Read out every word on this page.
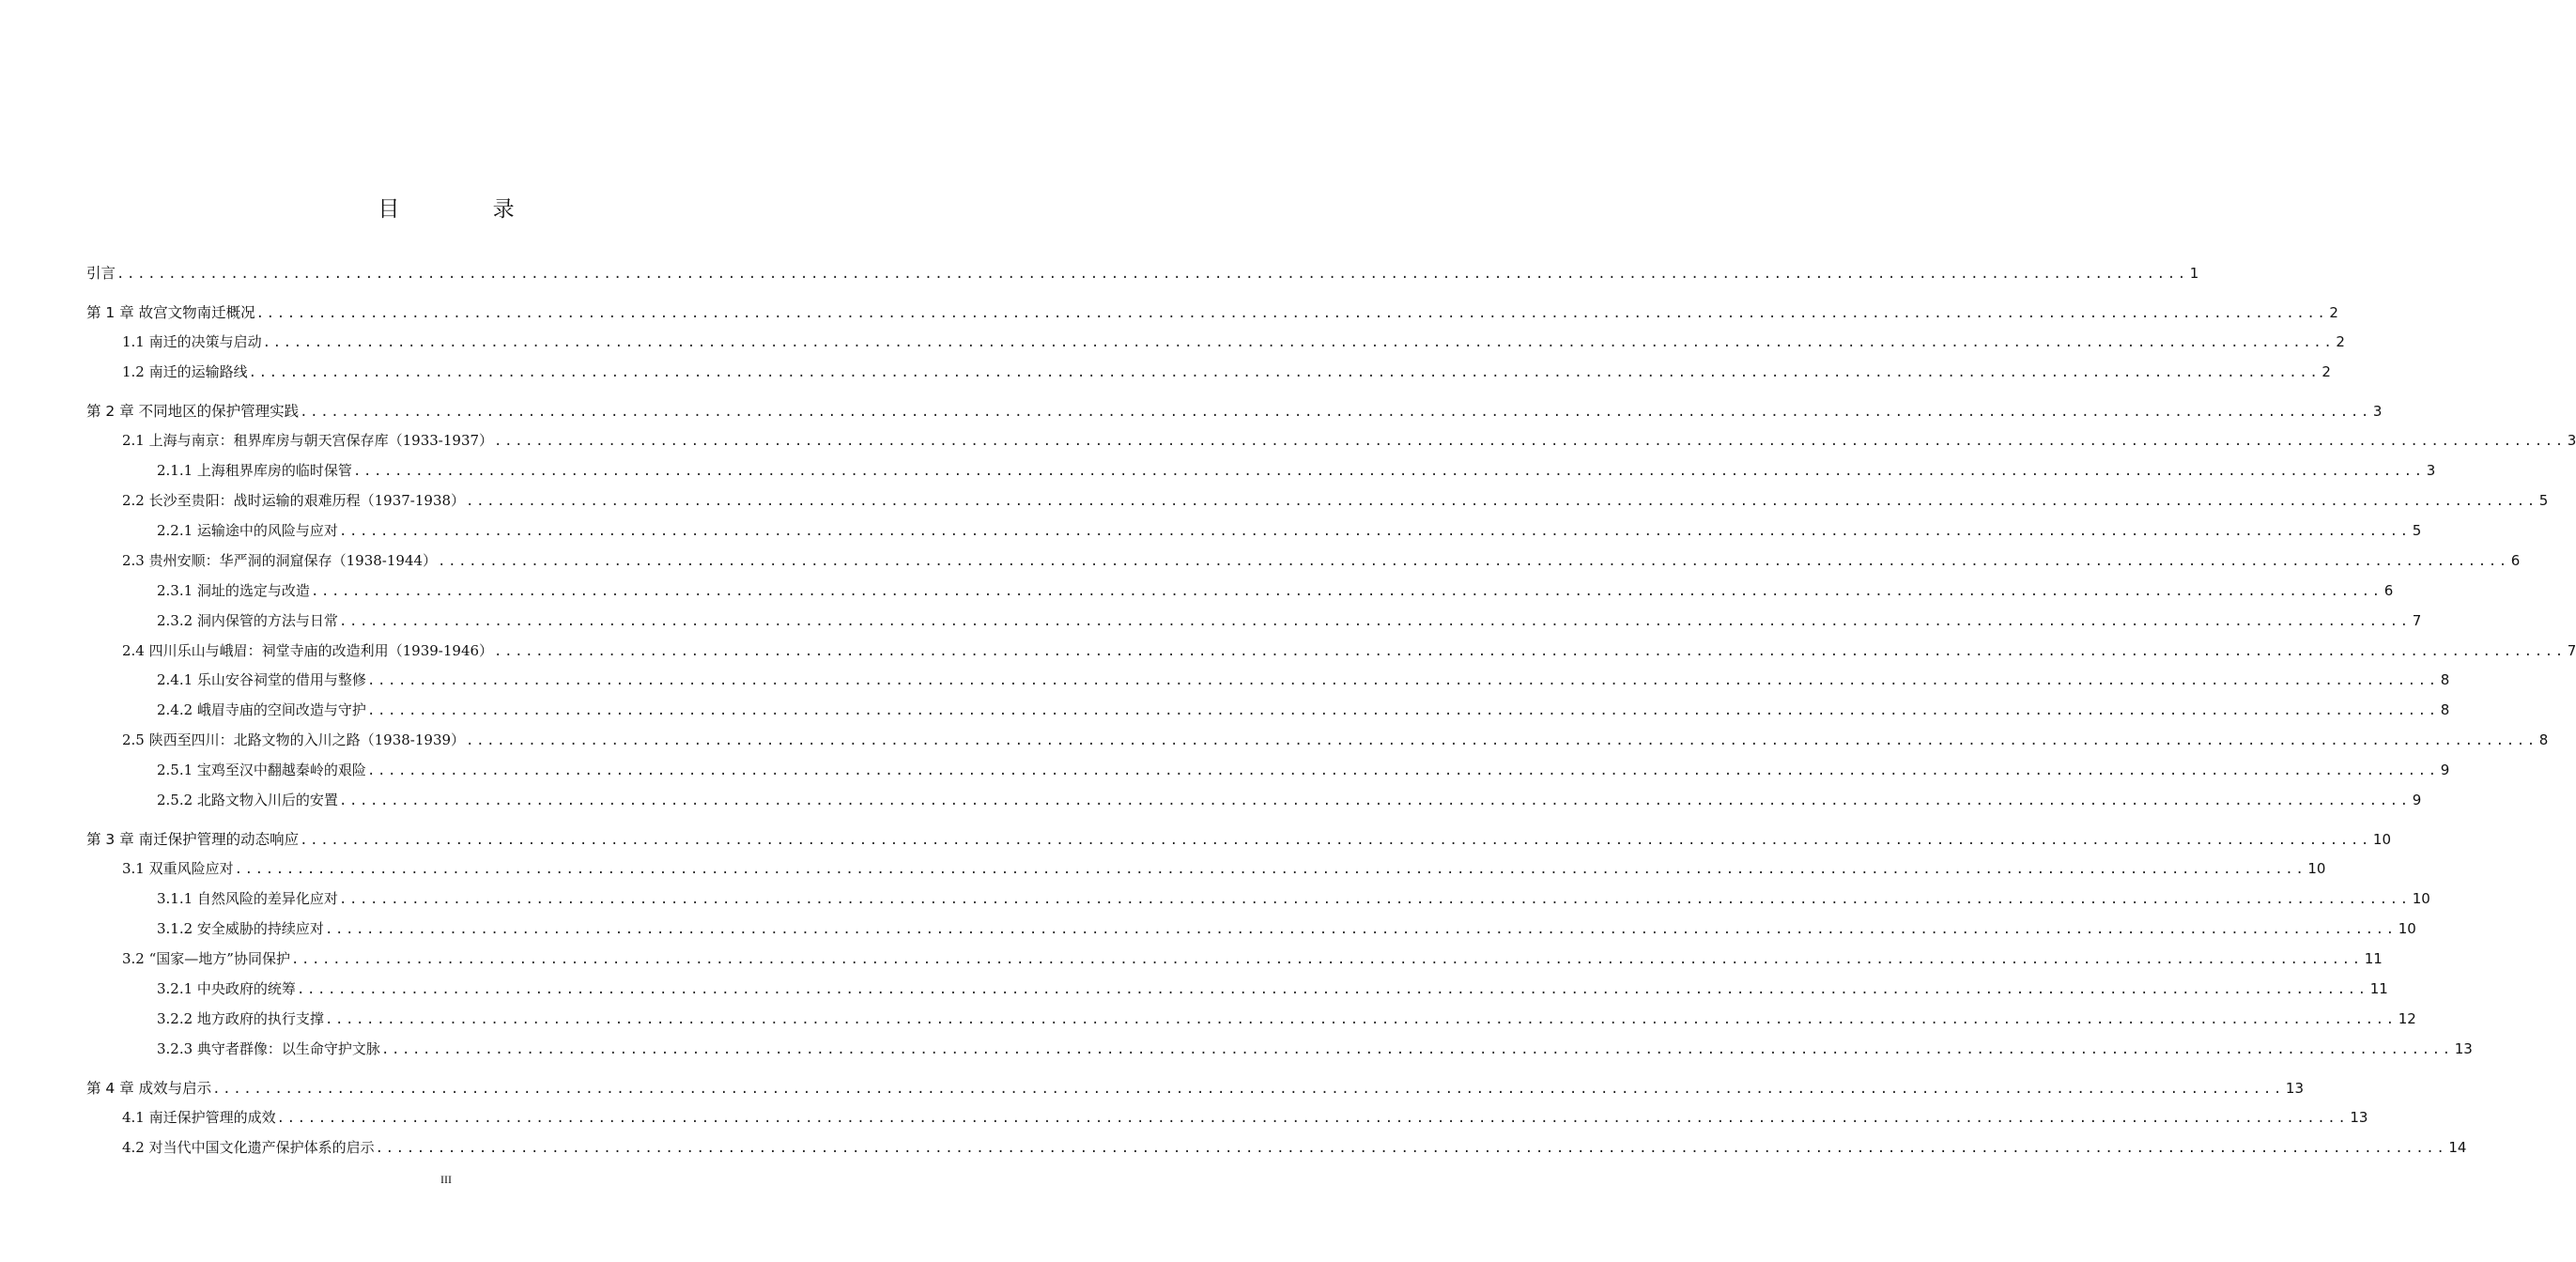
目 录
引言 ........................................................................................................................................................................................................ 1
第 1 章 故宫文物南迁概况 ........................................................................................................................................................................................................ 2
1.1 南迁的决策与启动 ........................................................................................................................................................................................................ 2
1.2 南迁的运输路线 ........................................................................................................................................................................................................ 2
第 2 章 不同地区的保护管理实践 ........................................................................................................................................................................................................ 3
2.1 上海与南京：租界库房与朝天宫保存库（1933-1937） ........................................................................................................................................................................................................ 3
2.1.1 上海租界库房的临时保管 ........................................................................................................................................................................................................ 3
2.2 长沙至贵阳：战时运输的艰难历程（1937-1938） ........................................................................................................................................................................................................ 5
2.2.1 运输途中的风险与应对 ........................................................................................................................................................................................................ 5
2.3 贵州安顺：华严洞的洞窟保存（1938-1944） ........................................................................................................................................................................................................ 6
2.3.1 洞址的选定与改造 ........................................................................................................................................................................................................ 6
2.3.2 洞内保管的方法与日常 ........................................................................................................................................................................................................ 7
2.4 四川乐山与峨眉：祠堂寺庙的改造利用（1939-1946） ........................................................................................................................................................................................................ 7
2.4.1 乐山安谷祠堂的借用与整修 ........................................................................................................................................................................................................ 8
2.4.2 峨眉寺庙的空间改造与守护 ........................................................................................................................................................................................................ 8
2.5 陕西至四川：北路文物的入川之路（1938-1939） ........................................................................................................................................................................................................ 8
2.5.1 宝鸡至汉中翻越秦岭的艰险 ........................................................................................................................................................................................................ 9
2.5.2 北路文物入川后的安置 ........................................................................................................................................................................................................ 9
第 3 章 南迁保护管理的动态响应 ........................................................................................................................................................................................................ 10
3.1 双重风险应对 ........................................................................................................................................................................................................ 10
3.1.1 自然风险的差异化应对 ........................................................................................................................................................................................................ 10
3.1.2 安全威胁的持续应对 ........................................................................................................................................................................................................ 10
3.2 “国家—地方”协同保护 ........................................................................................................................................................................................................ 11
3.2.1 中央政府的统筹 ........................................................................................................................................................................................................ 11
3.2.2 地方政府的执行支撑 ........................................................................................................................................................................................................ 12
3.2.3 典守者群像：以生命守护文脉 ........................................................................................................................................................................................................ 13
第 4 章 成效与启示 ........................................................................................................................................................................................................ 13
4.1 南迁保护管理的成效 ........................................................................................................................................................................................................ 13
4.2 对当代中国文化遗产保护体系的启示 ........................................................................................................................................................................................................ 14
III
